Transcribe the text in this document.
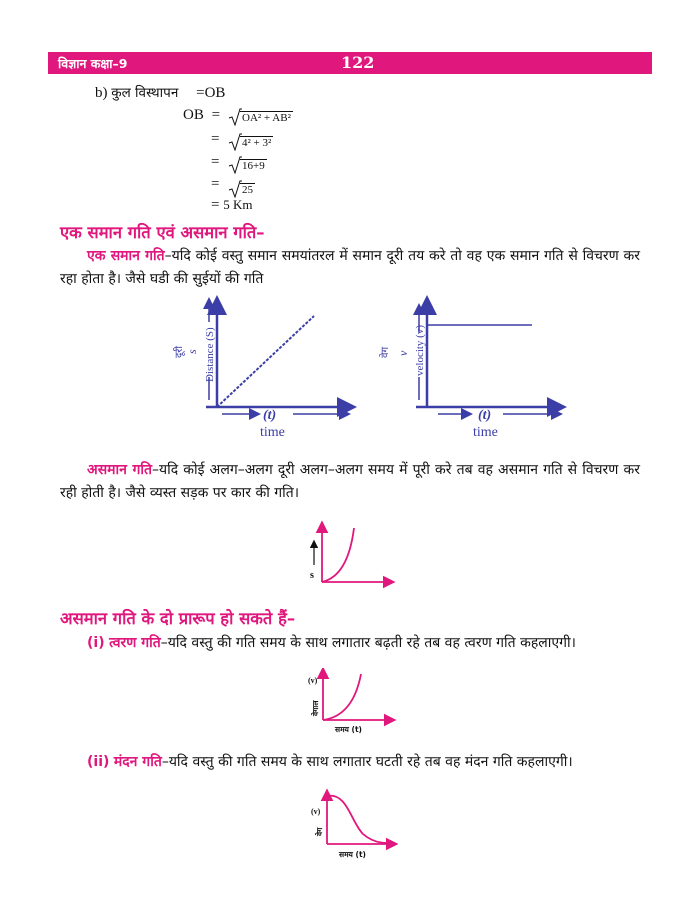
विज्ञान कक्षा–9	122
b) कुल विस्थापन =OB
OB =	OA² + AB²
=	4² + 3²
=	16+9
=	25
= 5 Km
एक समान गति एवं असमान गति–
एक समान गति–यदि कोई वस्तु समान समयांतरल में समान दूरी तय करे तो वह एक समान गति से विचरण कर रहा होता है। जैसे घडी की सुईयों की गति
(t)
time
Distance (S)
दूरी s
(t)
time
velocity (v)
वेग v
असमान गति–यदि कोई अलग–अलग दूरी अलग–अलग समय में पूरी करे तब वह असमान गति से विचरण कर रही होती है। जैसे व्यस्त सड़क पर कार की गति।
s
असमान गति के दो प्रारूप हो सकते हैं–
(i) त्वरण गति–यदि वस्तु की गति समय के साथ लगातार बढ़ती रहे तब वह त्वरण गति कहलाएगी।
(v)
वेगाल
समय (t)
(ii) मंदन गति–यदि वस्तु की गति समय के साथ लगातार घटती रहे तब वह मंदन गति कहलाएगी।
(v)
वेग
समय (t)
